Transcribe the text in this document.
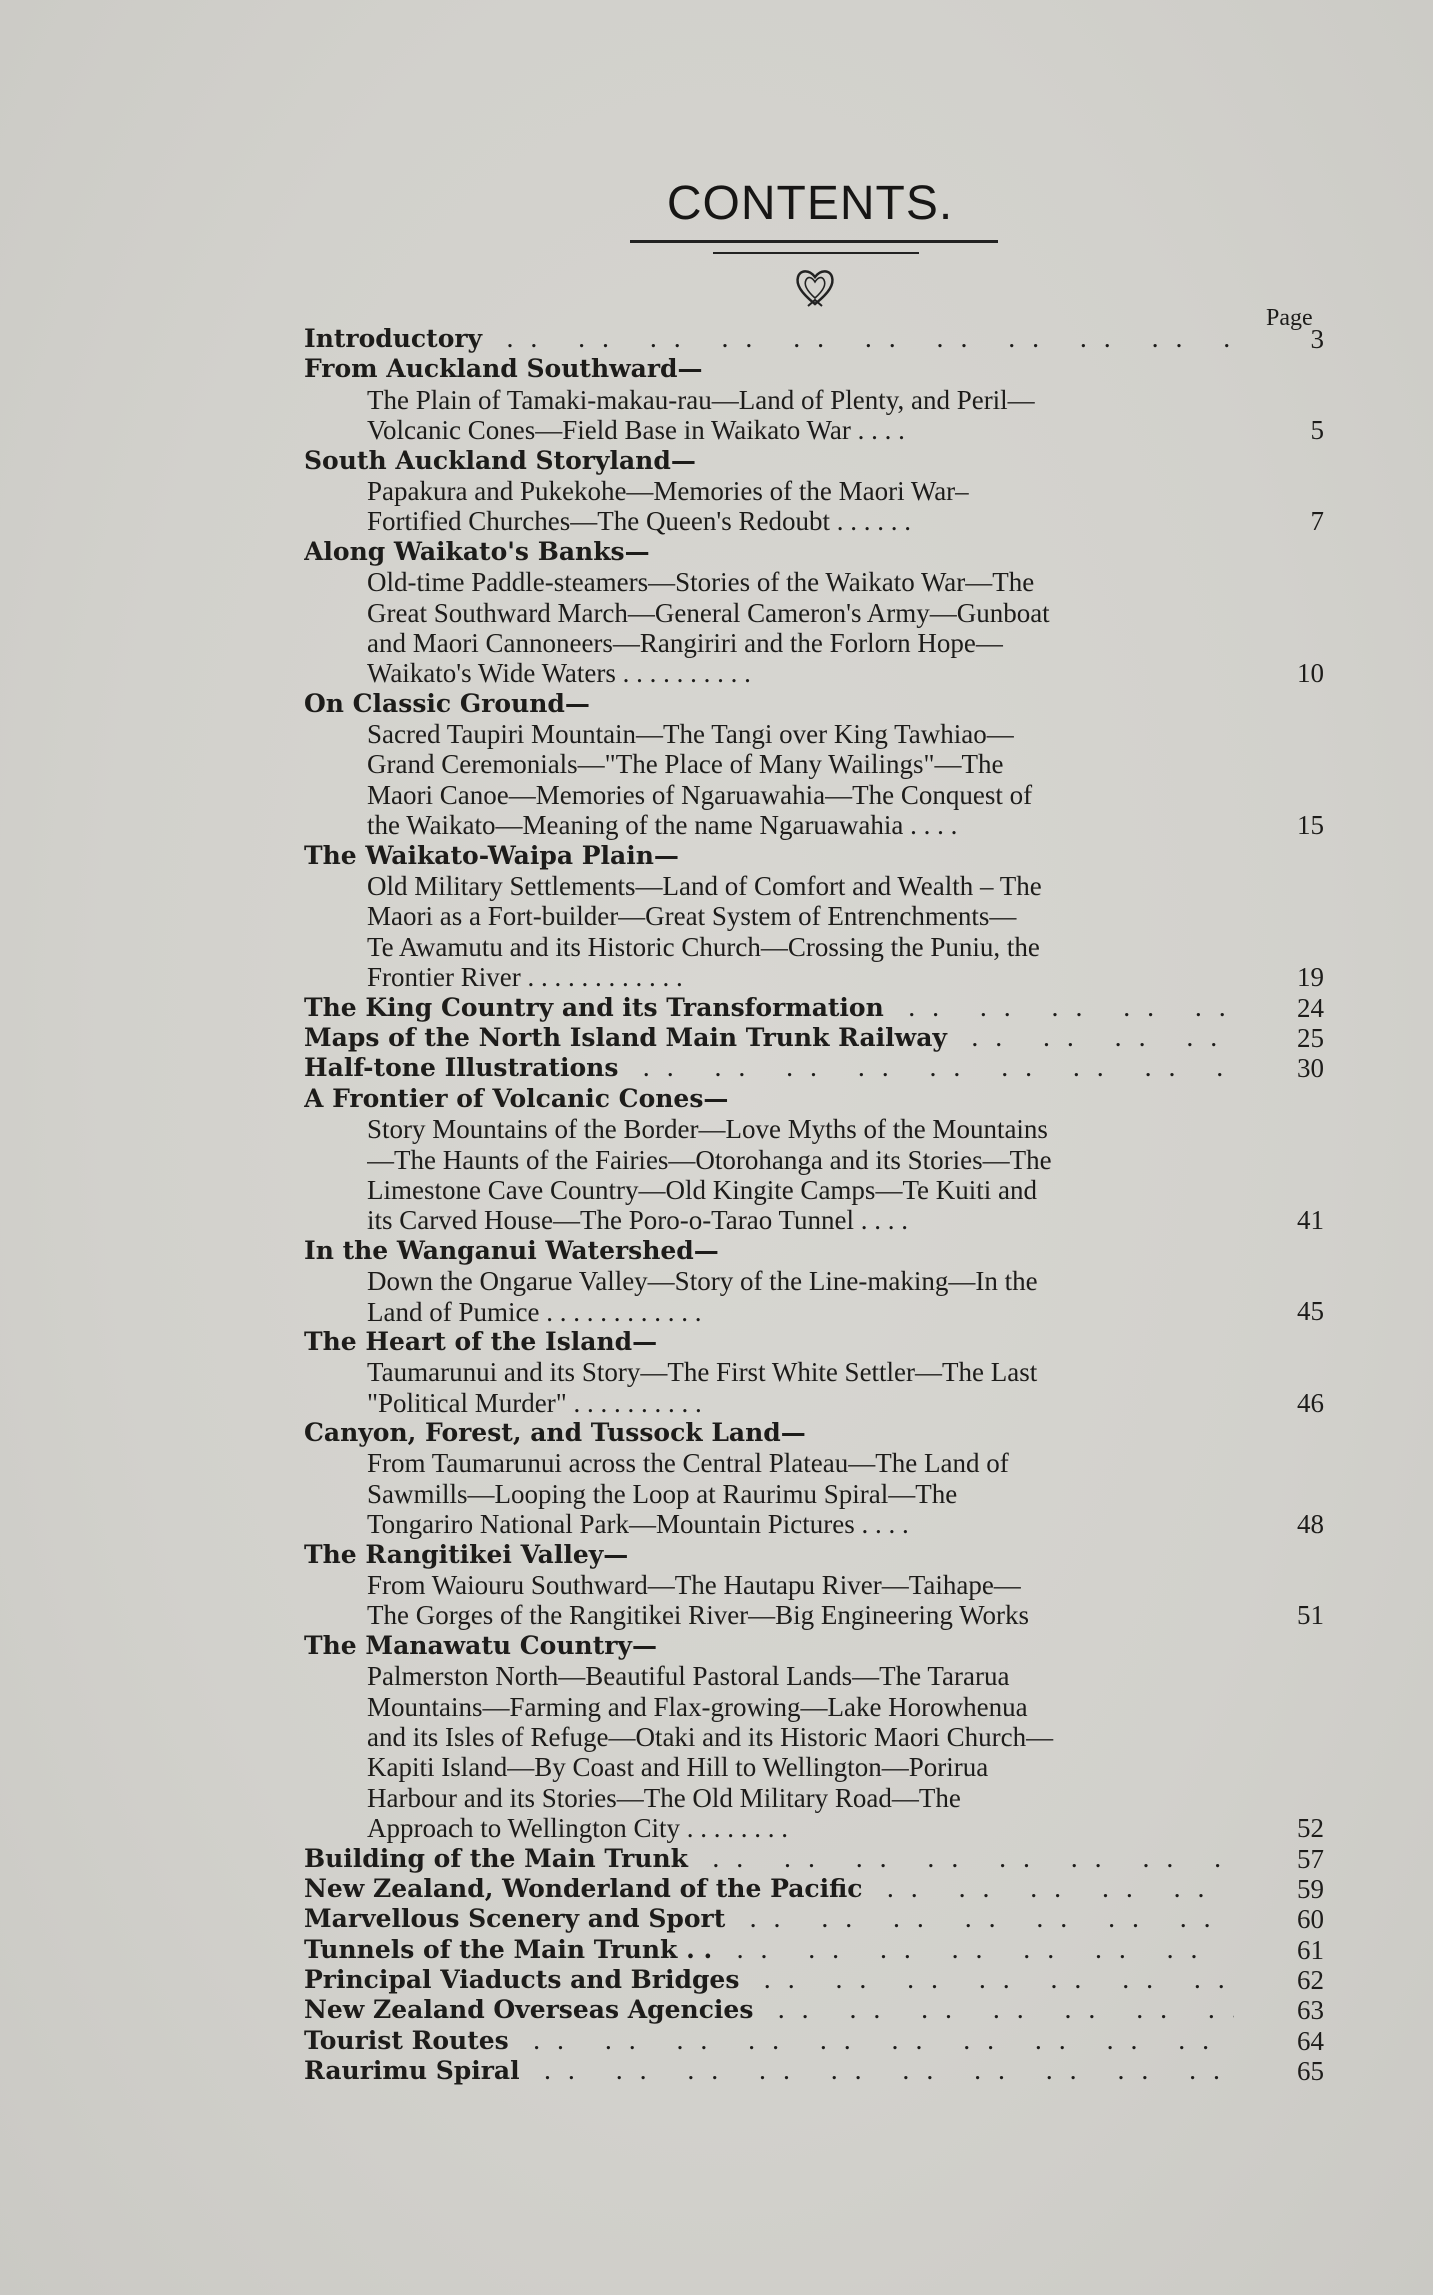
CONTENTS.
Page
Introductory . .	3
From Auckland Southward—
The Plain of Tamaki-makau-rau—Land of Plenty, and Peril—
Volcanic Cones—Field Base in Waikato War . . . .	5
South Auckland Storyland—
Papakura and Pukekohe—Memories of the Maori War–
Fortified Churches—The Queen's Redoubt . . . . . .	7
Along Waikato's Banks—
Old-time Paddle-steamers—Stories of the Waikato War—The
Great Southward March—General Cameron's Army—Gunboat
and Maori Cannoneers—Rangiriri and the Forlorn Hope—
Waikato's Wide Waters . . . . . . . . . .	10
On Classic Ground—
Sacred Taupiri Mountain—The Tangi over King Tawhiao—
Grand Ceremonials—"The Place of Many Wailings"—The
Maori Canoe—Memories of Ngaruawahia—The Conquest of
the Waikato—Meaning of the name Ngaruawahia . . . .	15
The Waikato-Waipa Plain—
Old Military Settlements—Land of Comfort and Wealth – The
Maori as a Fort-builder—Great System of Entrenchments—
Te Awamutu and its Historic Church—Crossing the Puniu, the
Frontier River . . . . . . . . . . . .	19
The King Country and its Transformation . .	24
Maps of the North Island Main Trunk Railway . .	25
Half-tone Illustrations . .	30
A Frontier of Volcanic Cones—
Story Mountains of the Border—Love Myths of the Mountains
—The Haunts of the Fairies—Otorohanga and its Stories—The
Limestone Cave Country—Old Kingite Camps—Te Kuiti and
its Carved House—The Poro-o-Tarao Tunnel . . . .	41
In the Wanganui Watershed—
Down the Ongarue Valley—Story of the Line-making—In the
Land of Pumice . . . . . . . . . . . .	45
The Heart of the Island—
Taumarunui and its Story—The First White Settler—The Last
"Political Murder" . . . . . . . . . .	46
Canyon, Forest, and Tussock Land—
From Taumarunui across the Central Plateau—The Land of
Sawmills—Looping the Loop at Raurimu Spiral—The
Tongariro National Park—Mountain Pictures . . . .	48
The Rangitikei Valley—
From Waiouru Southward—The Hautapu River—Taihape—
The Gorges of the Rangitikei River—Big Engineering Works	51
The Manawatu Country—
Palmerston North—Beautiful Pastoral Lands—The Tararua
Mountains—Farming and Flax-growing—Lake Horowhenua
and its Isles of Refuge—Otaki and its Historic Maori Church—
Kapiti Island—By Coast and Hill to Wellington—Porirua
Harbour and its Stories—The Old Military Road—The
Approach to Wellington City . . . . . . . .	52
Building of the Main Trunk . .	57
New Zealand, Wonderland of the Pacific . .	59
Marvellous Scenery and Sport . .	60
Tunnels of the Main Trunk . . . .	61
Principal Viaducts and Bridges . .	62
New Zealand Overseas Agencies . .	63
Tourist Routes . .	64
Raurimu Spiral . .	65
